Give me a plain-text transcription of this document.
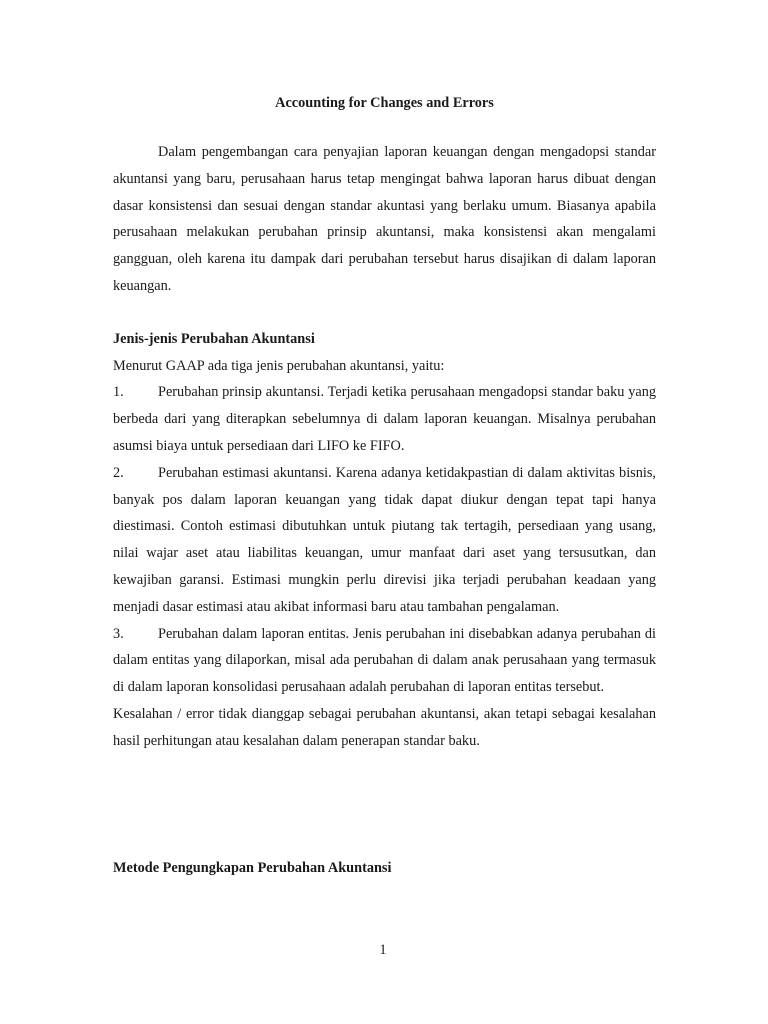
Accounting for Changes and Errors

Dalam pengembangan cara penyajian laporan keuangan dengan mengadopsi standar akuntansi yang baru, perusahaan harus tetap mengingat bahwa laporan harus dibuat dengan dasar konsistensi dan sesuai dengan standar akuntasi yang berlaku umum. Biasanya apabila perusahaan melakukan perubahan prinsip akuntansi, maka konsistensi akan mengalami gangguan, oleh karena itu dampak dari perubahan tersebut harus disajikan di dalam laporan keuangan.

Jenis-jenis Perubahan Akuntansi

Menurut GAAP ada tiga jenis perubahan akuntansi, yaitu:

1. Perubahan prinsip akuntansi. Terjadi ketika perusahaan mengadopsi standar baku yang berbeda dari yang diterapkan sebelumnya di dalam laporan keuangan. Misalnya perubahan asumsi biaya untuk persediaan dari LIFO ke FIFO.

2. Perubahan estimasi akuntansi. Karena adanya ketidakpastian di dalam aktivitas bisnis, banyak pos dalam laporan keuangan yang tidak dapat diukur dengan tepat tapi hanya diestimasi. Contoh estimasi dibutuhkan untuk piutang tak tertagih, persediaan yang usang, nilai wajar aset atau liabilitas keuangan, umur manfaat dari aset yang tersusutkan, dan kewajiban garansi. Estimasi mungkin perlu direvisi jika terjadi perubahan keadaan yang menjadi dasar estimasi atau akibat informasi baru atau tambahan pengalaman.

3. Perubahan dalam laporan entitas. Jenis perubahan ini disebabkan adanya perubahan di dalam entitas yang dilaporkan, misal ada perubahan di dalam anak perusahaan yang termasuk di dalam laporan konsolidasi perusahaan adalah perubahan di laporan entitas tersebut.

Kesalahan / error tidak dianggap sebagai perubahan akuntansi, akan tetapi sebagai kesalahan hasil perhitungan atau kesalahan dalam penerapan standar baku.

Metode Pengungkapan Perubahan Akuntansi

1
